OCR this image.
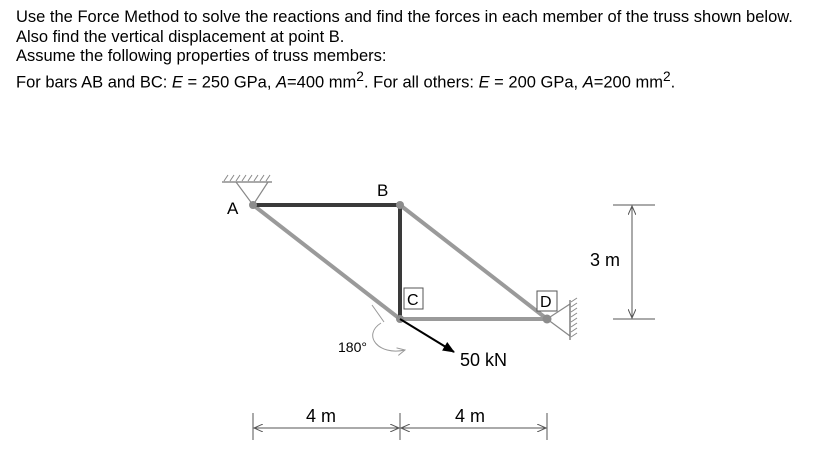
Use the Force Method to solve the reactions and find the forces in each member of the truss shown below.

Also find the vertical displacement at point B.

Assume the following properties of truss members:

For bars AB and BC: E = 250 GPa, A=400 $mm^2$. For all others: E = 200 GPa, A=200 $mm^2$.

A
B
C	D
180°
50 kN
3 m
4 m	4 m
